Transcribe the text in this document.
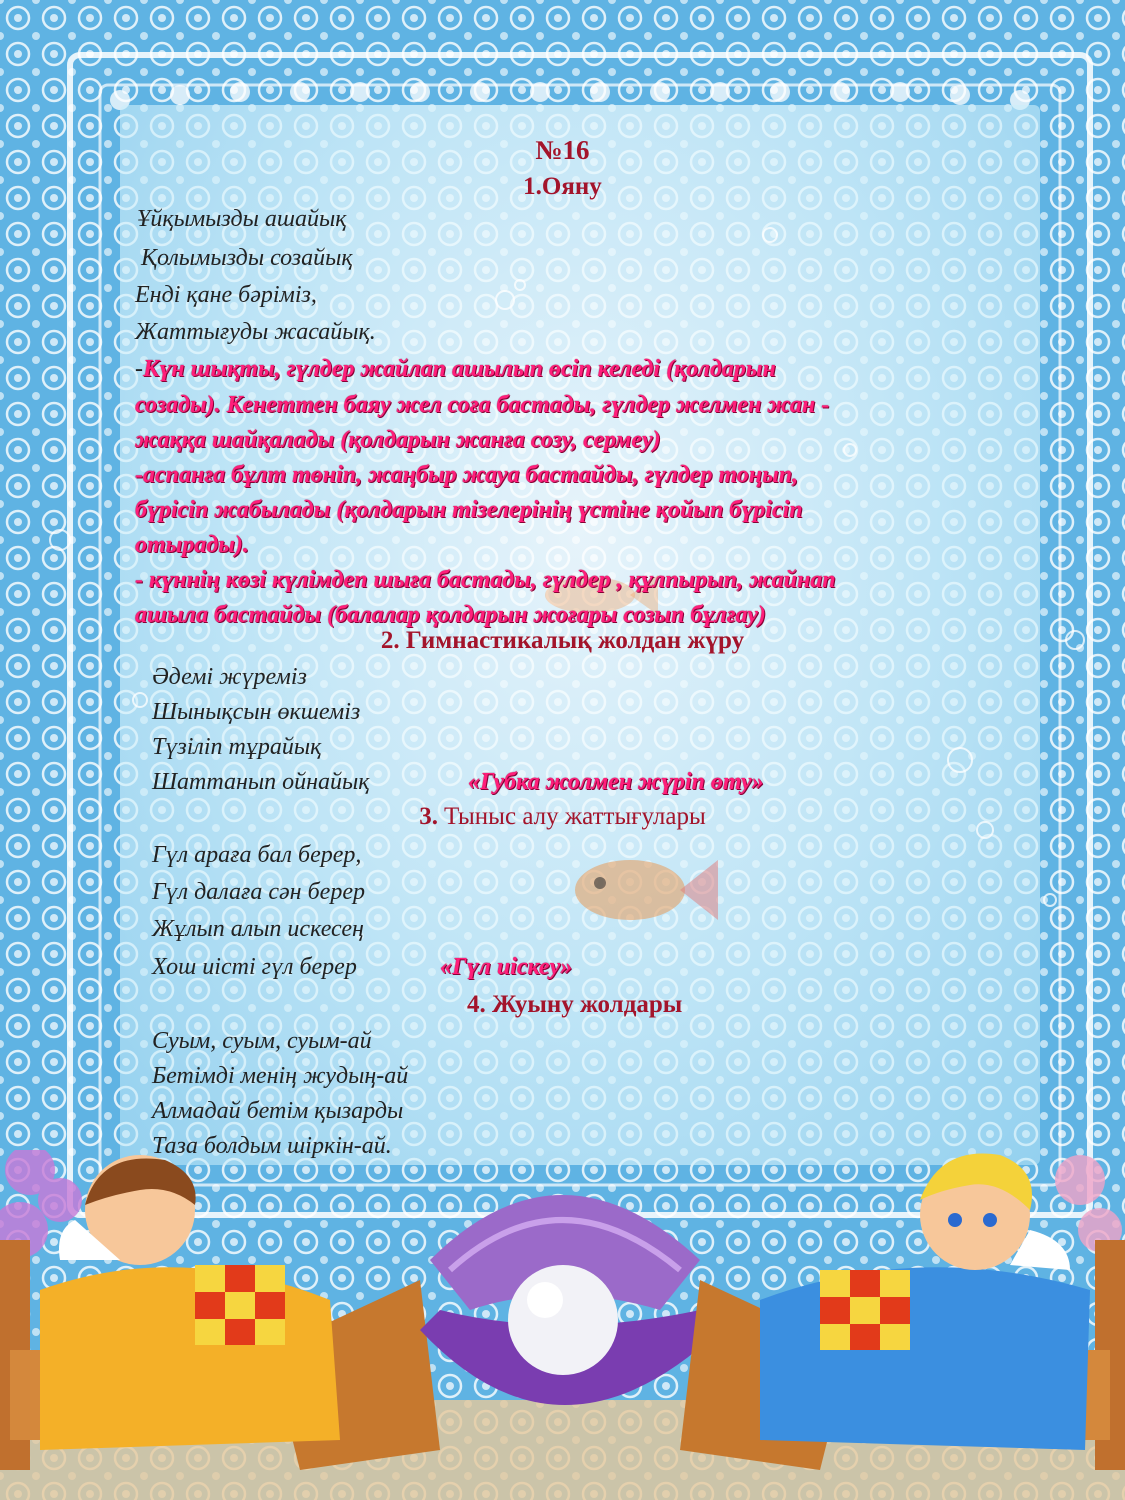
№16
1.Ояну
Ұйқымызды ашайық
Қолымызды созайық
Енді қане бәріміз,
Жаттығуды жасайық.
-Күн шықты, гүлдер жайлап ашылып өсіп келеді (қолдарын
созады). Кенеттен баяу жел соға бастады, гүлдер желмен жан -
жаққа шайқалады (қолдарын жанға созу, сермеу)
-аспанға бұлт төніп, жаңбыр жауа бастайды, гүлдер тоңып,
бүрісіп жабылады (қолдарын тізелерінің үстіне қойып бүрісіп
отырады).
- күннің көзі күлімдеп шыға бастады, гүлдер , құлпырып, жайнап
ашыла бастайды (балалар қолдарын жоғары созып бұлғау)
2. Гимнастикалық жолдан жүру
Әдемі жүреміз
Шынықсын өкшеміз
Түзіліп тұрайық
Шаттанып ойнайық	«Губка жолмен жүріп өту»
3. Тыныс алу жаттығулары
Гүл араға бал берер,
Гүл далаға сән берер
Жұлып алып искесең
Хош иісті гүл берер	«Гүл иіскеу»
4. Жуыну жолдары
Суым, суым, суым-ай
Бетімді менің жудың-ай
Алмадай бетім қызарды
Таза болдым шіркін-ай.
